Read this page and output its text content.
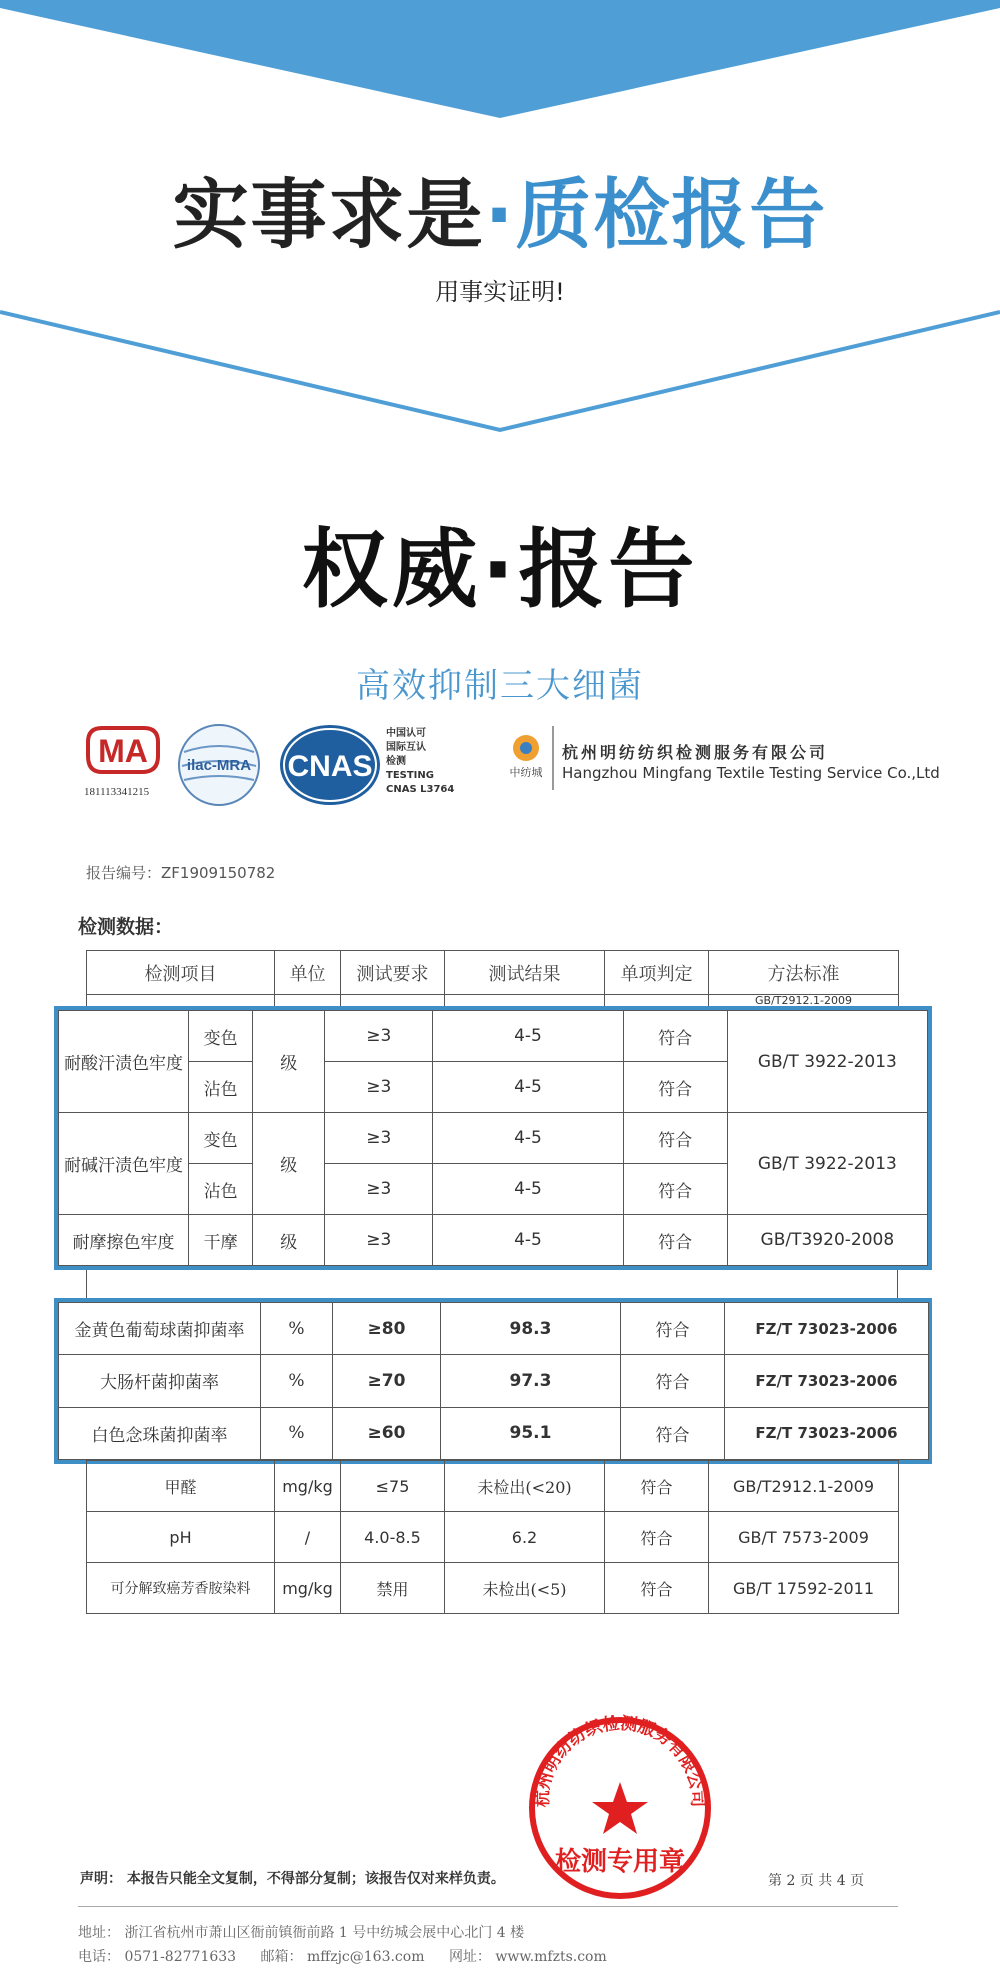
实事求是·质检报告
用事实证明!
权威·报告
高效抑制三大细菌
MA
181113341215
ilac-MRA CNAS
中国认可
国际互认
检测
TESTING
CNAS L3764
中纺城
杭州明纺纺织检测服务有限公司
Hangzhou Mingfang Textile Testing Service Co.,Ltd
报告编号：ZF1909150782
检测数据：
检测项目	单位	测试要求	测试结果	单项判定	方法标准
					GB/T2912.1-2009
耐酸汗渍色牢度	变色	级	≥3	4-5	符合	GB/T 3922-2013
	沾色		≥3	4-5	符合	
耐碱汗渍色牢度	变色	级	≥3	4-5	符合	GB/T 3922-2013
	沾色		≥3	4-5	符合	
耐摩擦色牢度	干摩	级	≥3	4-5	符合	GB/T3920-2008
金黄色葡萄球菌抑菌率	%	≥80	98.3	符合	FZ/T 73023-2006
大肠杆菌抑菌率	%	≥70	97.3	符合	FZ/T 73023-2006
白色念珠菌抑菌率	%	≥60	95.1	符合	FZ/T 73023-2006
甲醛	mg/kg	≤75	未检出(<20)	符合	GB/T2912.1-2009
pH	/	4.0-8.5	6.2	符合	GB/T 7573-2009
可分解致癌芳香胺染料	mg/kg	禁用	未检出(<5)	符合	GB/T 17592-2011
杭州明纺纺织检测服务有限公司
检测专用章
声明： 本报告只能全文复制，不得部分复制；该报告仅对来样负责。	第 2 页 共 4 页
地址： 浙江省杭州市萧山区衙前镇衙前路 1 号中纺城会展中心北门 4 楼
电话： 0571-82771633 邮箱： mffzjc@163.com 网址： www.mfzts.com
